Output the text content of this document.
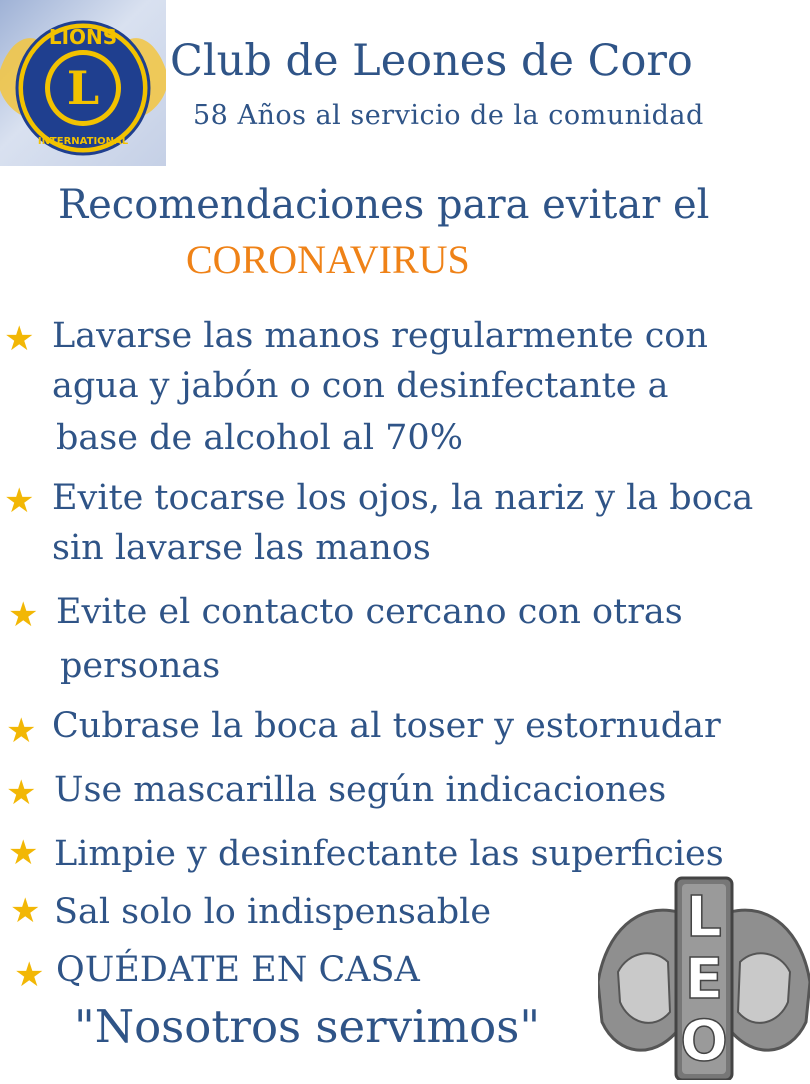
L
LIONS
INTERNATIONAL
Club de Leones de Coro
58 Años al servicio de la comunidad
Recomendaciones para evitar el
CORONAVIRUS
★ Lavarse las manos regularmente con
agua y jabón o con desinfectante a
base de alcohol al 70%
★ Evite tocarse los ojos, la nariz y la boca
sin lavarse las manos
★ Evite el contacto cercano con otras
personas
★ Cubrase la boca al toser y estornudar
★ Use mascarilla según indicaciones
★ Limpie y desinfectante las superficies
★ Sal solo lo indispensable
★ QUÉDATE EN CASA
"Nosotros servimos"
L
E
O
